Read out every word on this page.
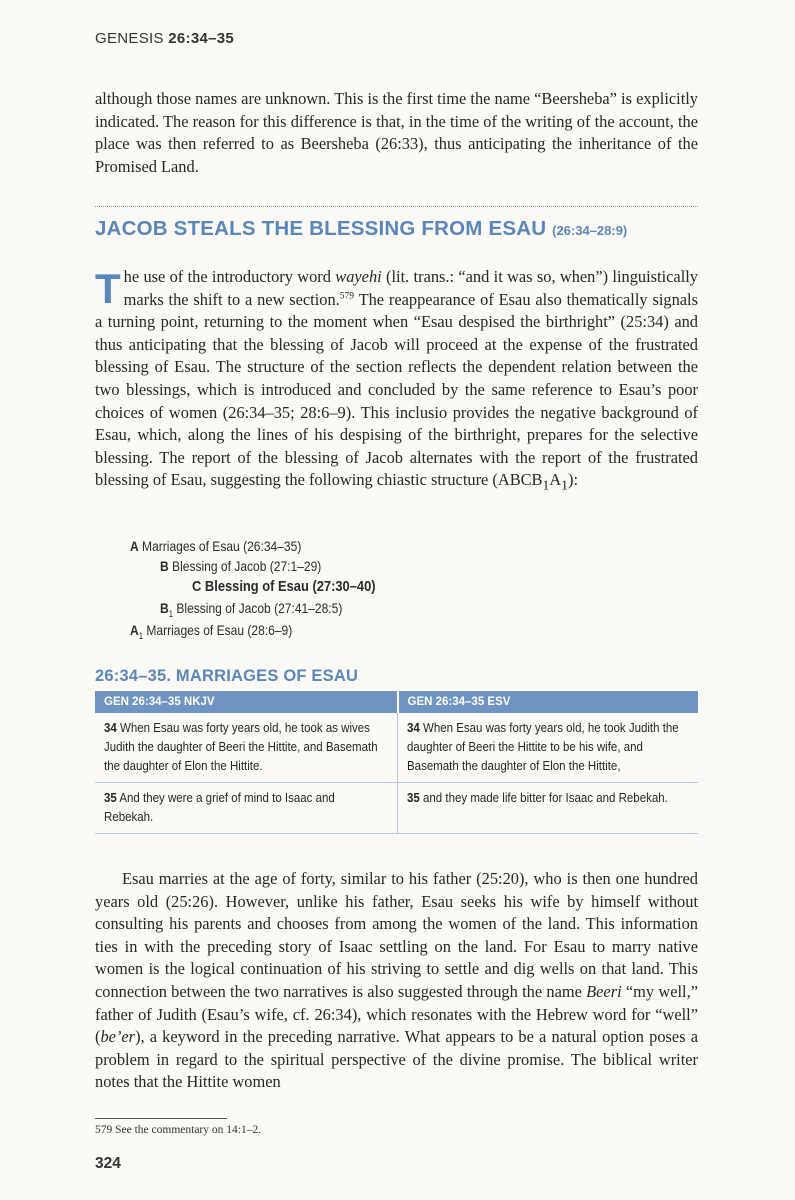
GENESIS 26:34–35

although those names are unknown. This is the first time the name “Beersheba” is explicitly indicated. The reason for this difference is that, in the time of the writing of the account, the place was then referred to as Beersheba (26:33), thus anticipating the inheritance of the Promised Land.

JACOB STEALS THE BLESSING FROM ESAU (26:34–28:9)

The use of the introductory word wayehi (lit. trans.: “and it was so, when”) linguistically marks the shift to a new section.$^{579}$ The reappearance of Esau also thematically signals a turning point, returning to the moment when “Esau despised the birthright” (25:34) and thus anticipating that the blessing of Jacob will proceed at the expense of the frustrated blessing of Esau. The structure of the section reflects the dependent relation between the two blessings, which is introduced and concluded by the same reference to Esau’s poor choices of women (26:34–35; 28:6–9). This inclusio provides the negative background of Esau, which, along the lines of his despising of the birthright, prepares for the selective blessing. The report of the blessing of Jacob alternates with the report of the frustrated blessing of Esau, suggesting the following chiastic structure $(ABCB_1A_1)$:

A Marriages of Esau (26:34–35)
B Blessing of Jacob (27:1–29)
C Blessing of Esau (27:30–40)
$B_1$ Blessing of Jacob (27:41–28:5)
$A_1$ Marriages of Esau (28:6–9)
26:34–35. MARRIAGES OF ESAU
GEN 26:34–35 NKJV	GEN 26:34–35 ESV
34 When Esau was forty years old, he took as wives Judith the daughter of Beeri the Hittite, and Basemath the daughter of Elon the Hittite.
34 When Esau was forty years old, he took Judith the daughter of Beeri the Hittite to be his wife, and Basemath the daughter of Elon the Hittite,
35 And they were a grief of mind to Isaac and Rebekah.
35 and they made life bitter for Isaac and Rebekah.

Esau marries at the age of forty, similar to his father (25:20), who is then one hundred years old (25:26). However, unlike his father, Esau seeks his wife by himself without consulting his parents and chooses from among the women of the land. This information ties in with the preceding story of Isaac settling on the land. For Esau to marry native women is the logical continuation of his striving to settle and dig wells on that land. This connection between the two narratives is also suggested through the name Beeri “my well,” father of Judith (Esau’s wife, cf. 26:34), which resonates with the Hebrew word for “well” (be’er), a keyword in the preceding narrative. What appears to be a natural option poses a problem in regard to the spiritual perspective of the divine promise. The biblical writer notes that the Hittite women

579 See the commentary on 14:1–2.
324
